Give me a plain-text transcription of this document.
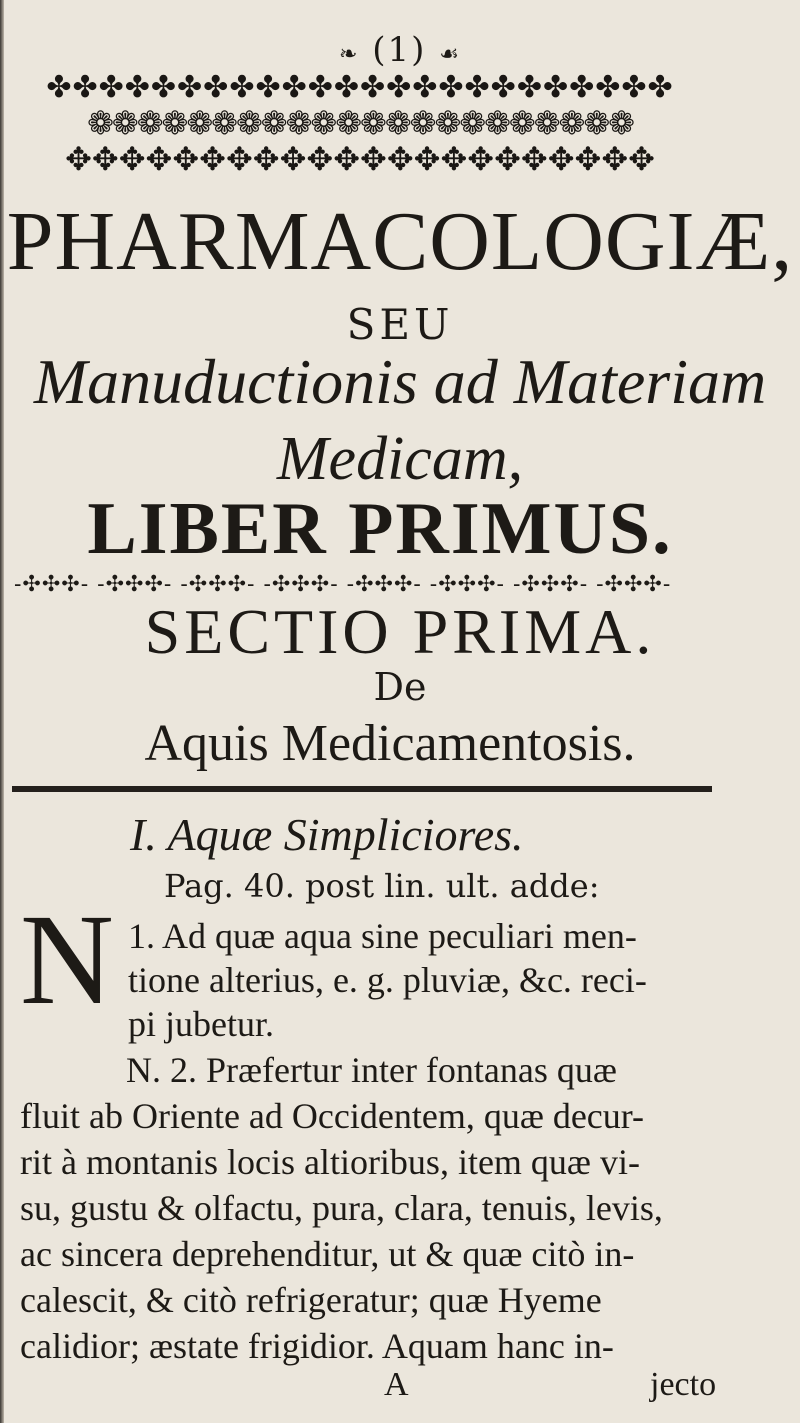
❧ (1) ☙
✤✤✤✤✤✤✤✤✤✤✤✤✤✤✤✤✤✤✤✤✤✤✤✤
❁❁❁❁❁❁❁❁❁❁❁❁❁❁❁❁❁❁❁❁❁❁
✥✥✥✥✥✥✥✥✥✥✥✥✥✥✥✥✥✥✥✥✥✥
PHARMACOLOGIÆ,
SEU
Manuductionis ad Materiam
Medicam,
LIBER PRIMUS.
-✣✣✣- -✣✣✣- -✣✣✣- -✣✣✣- -✣✣✣- -✣✣✣- -✣✣✣- -✣✣✣-
SECTIO PRIMA.
De
Aquis Medicamentosis.
I. Aquæ Simpliciores.
Pag. 40. post lin. ult. adde:
N 1. Ad quæ aqua sine peculiari men-
tione alterius, e. g. pluviæ, &c. reci-
pi jubetur.
N. 2. Præfertur inter fontanas quæ
fluit ab Oriente ad Occidentem, quæ decur-
rit à montanis locis altioribus, item quæ vi-
su, gustu & olfactu, pura, clara, tenuis, levis,
ac sincera deprehenditur, ut & quæ citò in-
calescit, & citò refrigeratur; quæ Hyeme
calidior; æstate frigidior. Aquam hanc in-
A	jecto
